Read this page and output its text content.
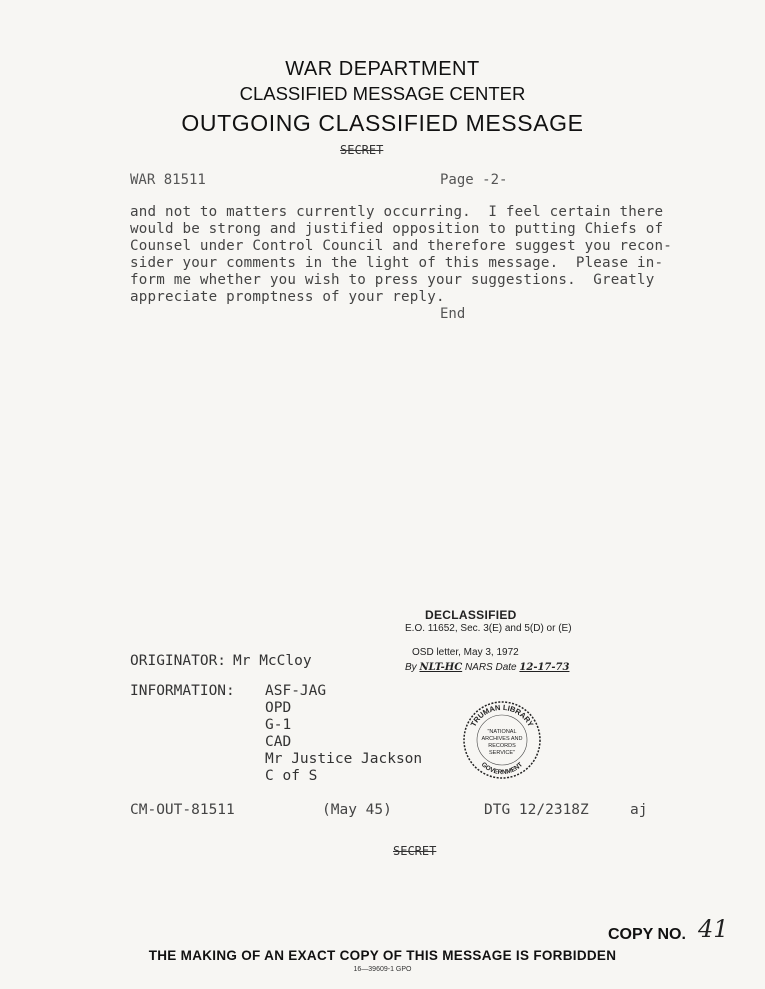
WAR DEPARTMENT
CLASSIFIED MESSAGE CENTER
OUTGOING CLASSIFIED MESSAGE
SECRET
WAR 81511	Page -2-
and not to matters currently occurring.  I feel certain there
would be strong and justified opposition to putting Chiefs of
Counsel under Control Council and therefore suggest you recon-
sider your comments in the light of this message.  Please in-
form me whether you wish to press your suggestions.  Greatly
appreciate promptness of your reply.
End
DECLASSIFIED
E.O. 11652, Sec. 3(E) and 5(D) or (E)
OSD letter, May 3, 1972
By NLT-HC NARS Date 12-17-73
ORIGINATOR: Mr McCloy
INFORMATION: ASF-JAG
OPD
G-1
CAD
Mr Justice Jackson
C of S
TRUMAN LIBRARY
"NATIONAL
ARCHIVES AND
RECORDS
SERVICE"
GOVERNMENT
CM-OUT-81511	(May 45)	DTG 12/2318Z	aj
SECRET
COPY NO. 41
THE MAKING OF AN EXACT COPY OF THIS MESSAGE IS FORBIDDEN
16—39609-1 GPO
